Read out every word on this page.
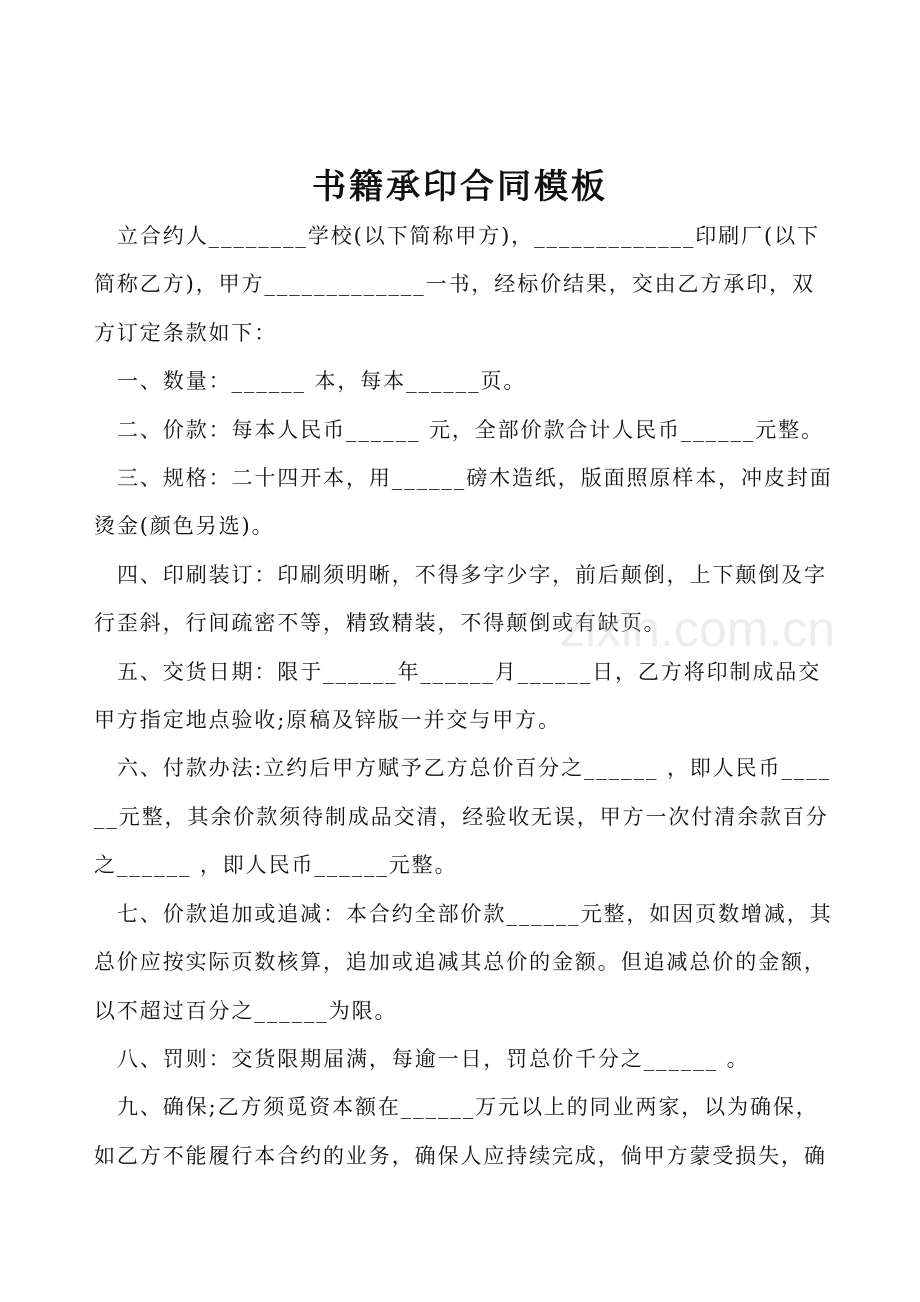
书籍承印合同模板

立合约人________学校(以下简称甲方)，_____________印刷厂(以下简称乙方)，甲方_____________一书，经标价结果，交由乙方承印，双方订定条款如下：

一、数量：______ 本，每本______页。

二、价款：每本人民币______ 元，全部价款合计人民币______元整。

三、规格：二十四开本，用______磅木造纸，版面照原样本，冲皮封面烫金(颜色另选)。

四、印刷装订：印刷须明晰，不得多字少字，前后颠倒，上下颠倒及字行歪斜，行间疏密不等，精致精装，不得颠倒或有缺页。

五、交货日期：限于______年______月______日，乙方将印制成品交甲方指定地点验收;原稿及锌版一并交与甲方。

六、付款办法:立约后甲方赋予乙方总价百分之______ ，即人民币______元整，其余价款须待制成品交清，经验收无误，甲方一次付清余款百分之______ ，即人民币______元整。

七、价款追加或追减：本合约全部价款______元整，如因页数增减，其总价应按实际页数核算，追加或追减其总价的金额。但追减总价的金额，以不超过百分之______为限。

八、罚则：交货限期届满，每逾一日，罚总价千分之______ 。

九、确保;乙方须觅资本额在______万元以上的同业两家，以为确保，如乙方不能履行本合约的业务，确保人应持续完成，倘甲方蒙受损失，确

zixin.com.cn
